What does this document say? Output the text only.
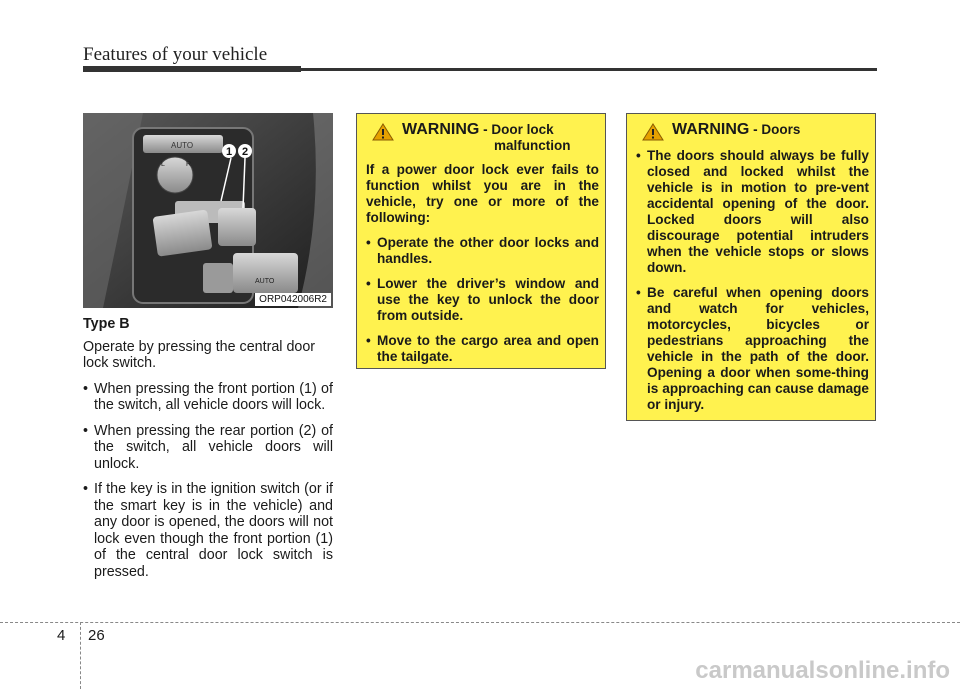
Features of your vehicle
AUTO
L	R
AUTO
1 2
ORP042006R2

Type B

Operate by pressing the central door lock switch.

• When pressing the front portion (1) of the switch, all vehicle doors will lock.
• When pressing the rear portion (2) of the switch, all vehicle doors will unlock.
• If the key is in the ignition switch (or if the smart key is in the vehicle) and any door is opened, the doors will not lock even though the front portion (1) of the central door lock switch is pressed.
WARNING - Door lock
malfunction

If a power door lock ever fails to function whilst you are in the vehicle, try one or more of the following:

• Operate the other door locks and handles.
• Lower the driver’s window and use the key to unlock the door from outside.
• Move to the cargo area and open the tailgate.
WARNING - Doors
• The doors should always be fully closed and locked whilst the vehicle is in motion to pre-vent accidental opening of the door. Locked doors will also discourage potential intruders when the vehicle stops or slows down.
• Be careful when opening doors and watch for vehicles, motorcycles, bicycles or pedestrians approaching the vehicle in the path of the door. Opening a door when some-thing is approaching can cause damage or injury.
4 26
carmanualsonline.info
